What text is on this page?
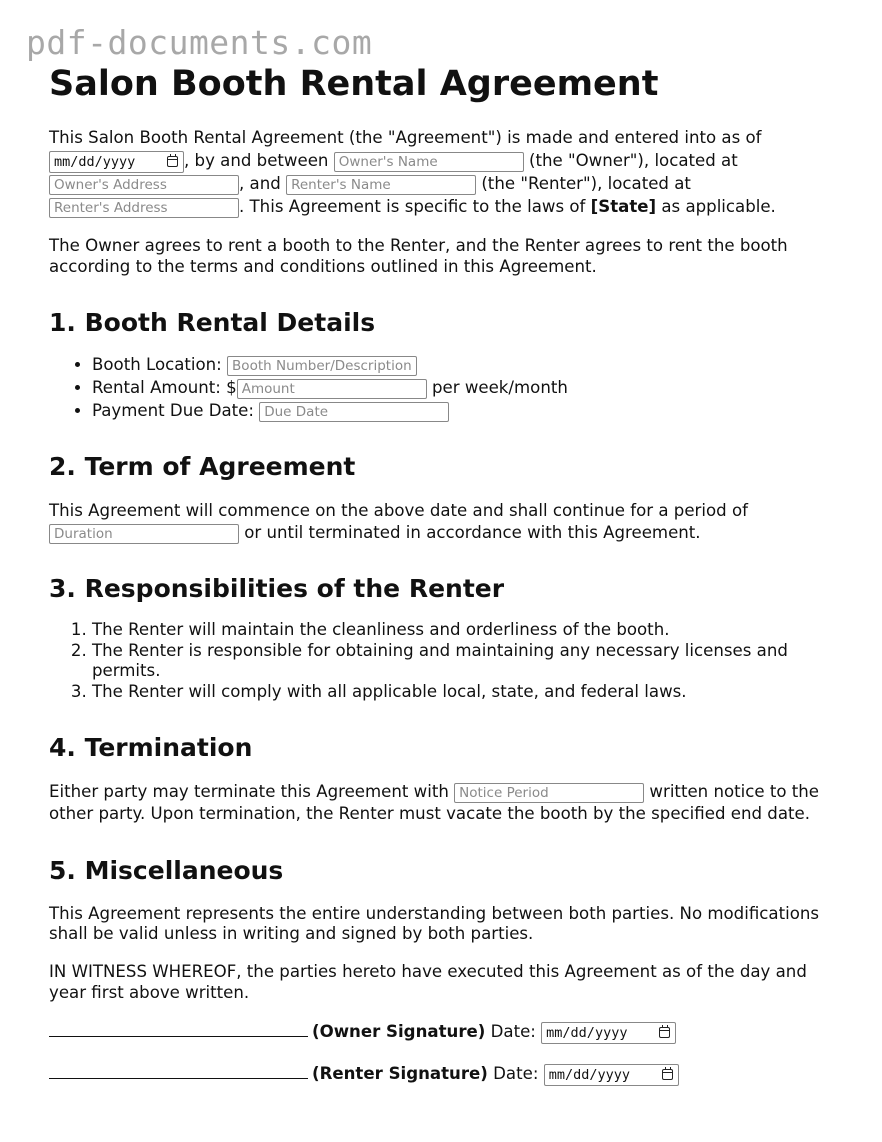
pdf-documents.com
Salon Booth Rental Agreement

This Salon Booth Rental Agreement (the "Agreement") is made and entered into as of mm/dd/yyyy	, by and between Owner's Name	(the "Owner"), located at Owner's Address, and Renter's Name	(the "Renter"), located at Renter's Address. This Agreement is specific to the laws of [State] as applicable.

The Owner agrees to rent a booth to the Renter, and the Renter agrees to rent the booth according to the terms and conditions outlined in this Agreement.

1. Booth Rental Details
• Booth Location: Booth Number/Description
• Rental Amount: $Amount	per week/month
• Payment Due Date: Due Date
2. Term of Agreement

This Agreement will commence on the above date and shall continue for a period of Duration or until terminated in accordance with this Agreement.

3. Responsibilities of the Renter
1. The Renter will maintain the cleanliness and orderliness of the booth.
2. The Renter is responsible for obtaining and maintaining any necessary licenses and permits.
3. The Renter will comply with all applicable local, state, and federal laws.
4. Termination

Either party may terminate this Agreement with Notice Period	written notice to the other party. Upon termination, the Renter must vacate the booth by the specified end date.

5. Miscellaneous

This Agreement represents the entire understanding between both parties. No modifications shall be valid unless in writing and signed by both parties.

IN WITNESS WHEREOF, the parties hereto have executed this Agreement as of the day and year first above written.

(Owner Signature) Date: mm/dd/yyyy

(Renter Signature) Date: mm/dd/yyyy
